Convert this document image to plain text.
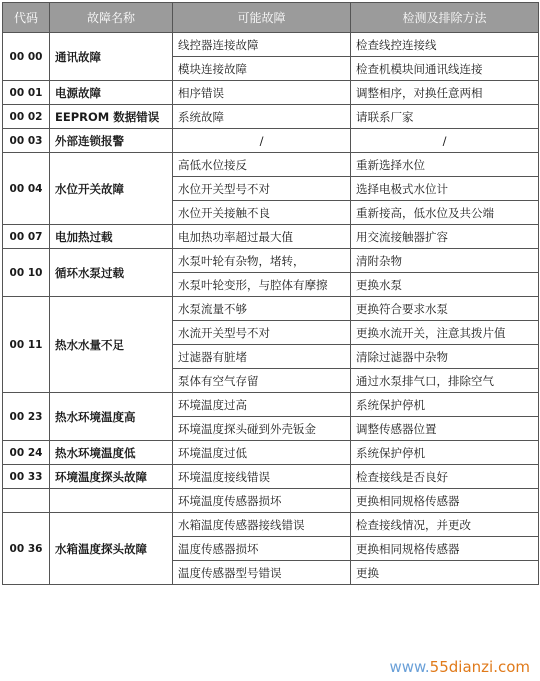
代码	故障名称	可能故障	检测及排除方法
00 00	通讯故障	线控器连接故障	检查线控连接线
		模块连接故障	检查机模块间通讯线连接
00 01	电源故障	相序错误	调整相序，对换任意两相
00 02	EEPROM 数据错误	系统故障	请联系厂家
00 03	外部连锁报警	/	/
00 04	水位开关故障	高低水位接反	重新选择水位
		水位开关型号不对	选择电极式水位计
		水位开关接触不良	重新接高，低水位及共公端
00 07	电加热过载	电加热功率超过最大值	用交流接触器扩容
00 10	循环水泵过载	水泵叶轮有杂物，堵转，	清附杂物
		水泵叶轮变形，与腔体有摩擦	更换水泵
00 11	热水水量不足	水泵流量不够	更换符合要求水泵
		水流开关型号不对	更换水流开关，注意其拨片值
		过滤器有脏堵	清除过滤器中杂物
		泵体有空气存留	通过水泵排气口，排除空气
00 23	热水环境温度高	环境温度过高	系统保护停机
		环境温度探头碰到外壳钣金	调整传感器位置
00 24	热水环境温度低	环境温度过低	系统保护停机
00 33	环境温度探头故障	环境温度接线错误	检查接线是否良好
		环境温度传感器损坏	更换相同规格传感器
00 36	水箱温度探头故障	水箱温度传感器接线错误	检查接线情况，并更改
		温度传感器损坏	更换相同规格传感器
		温度传感器型号错误	更换
www.55dianzi.com
